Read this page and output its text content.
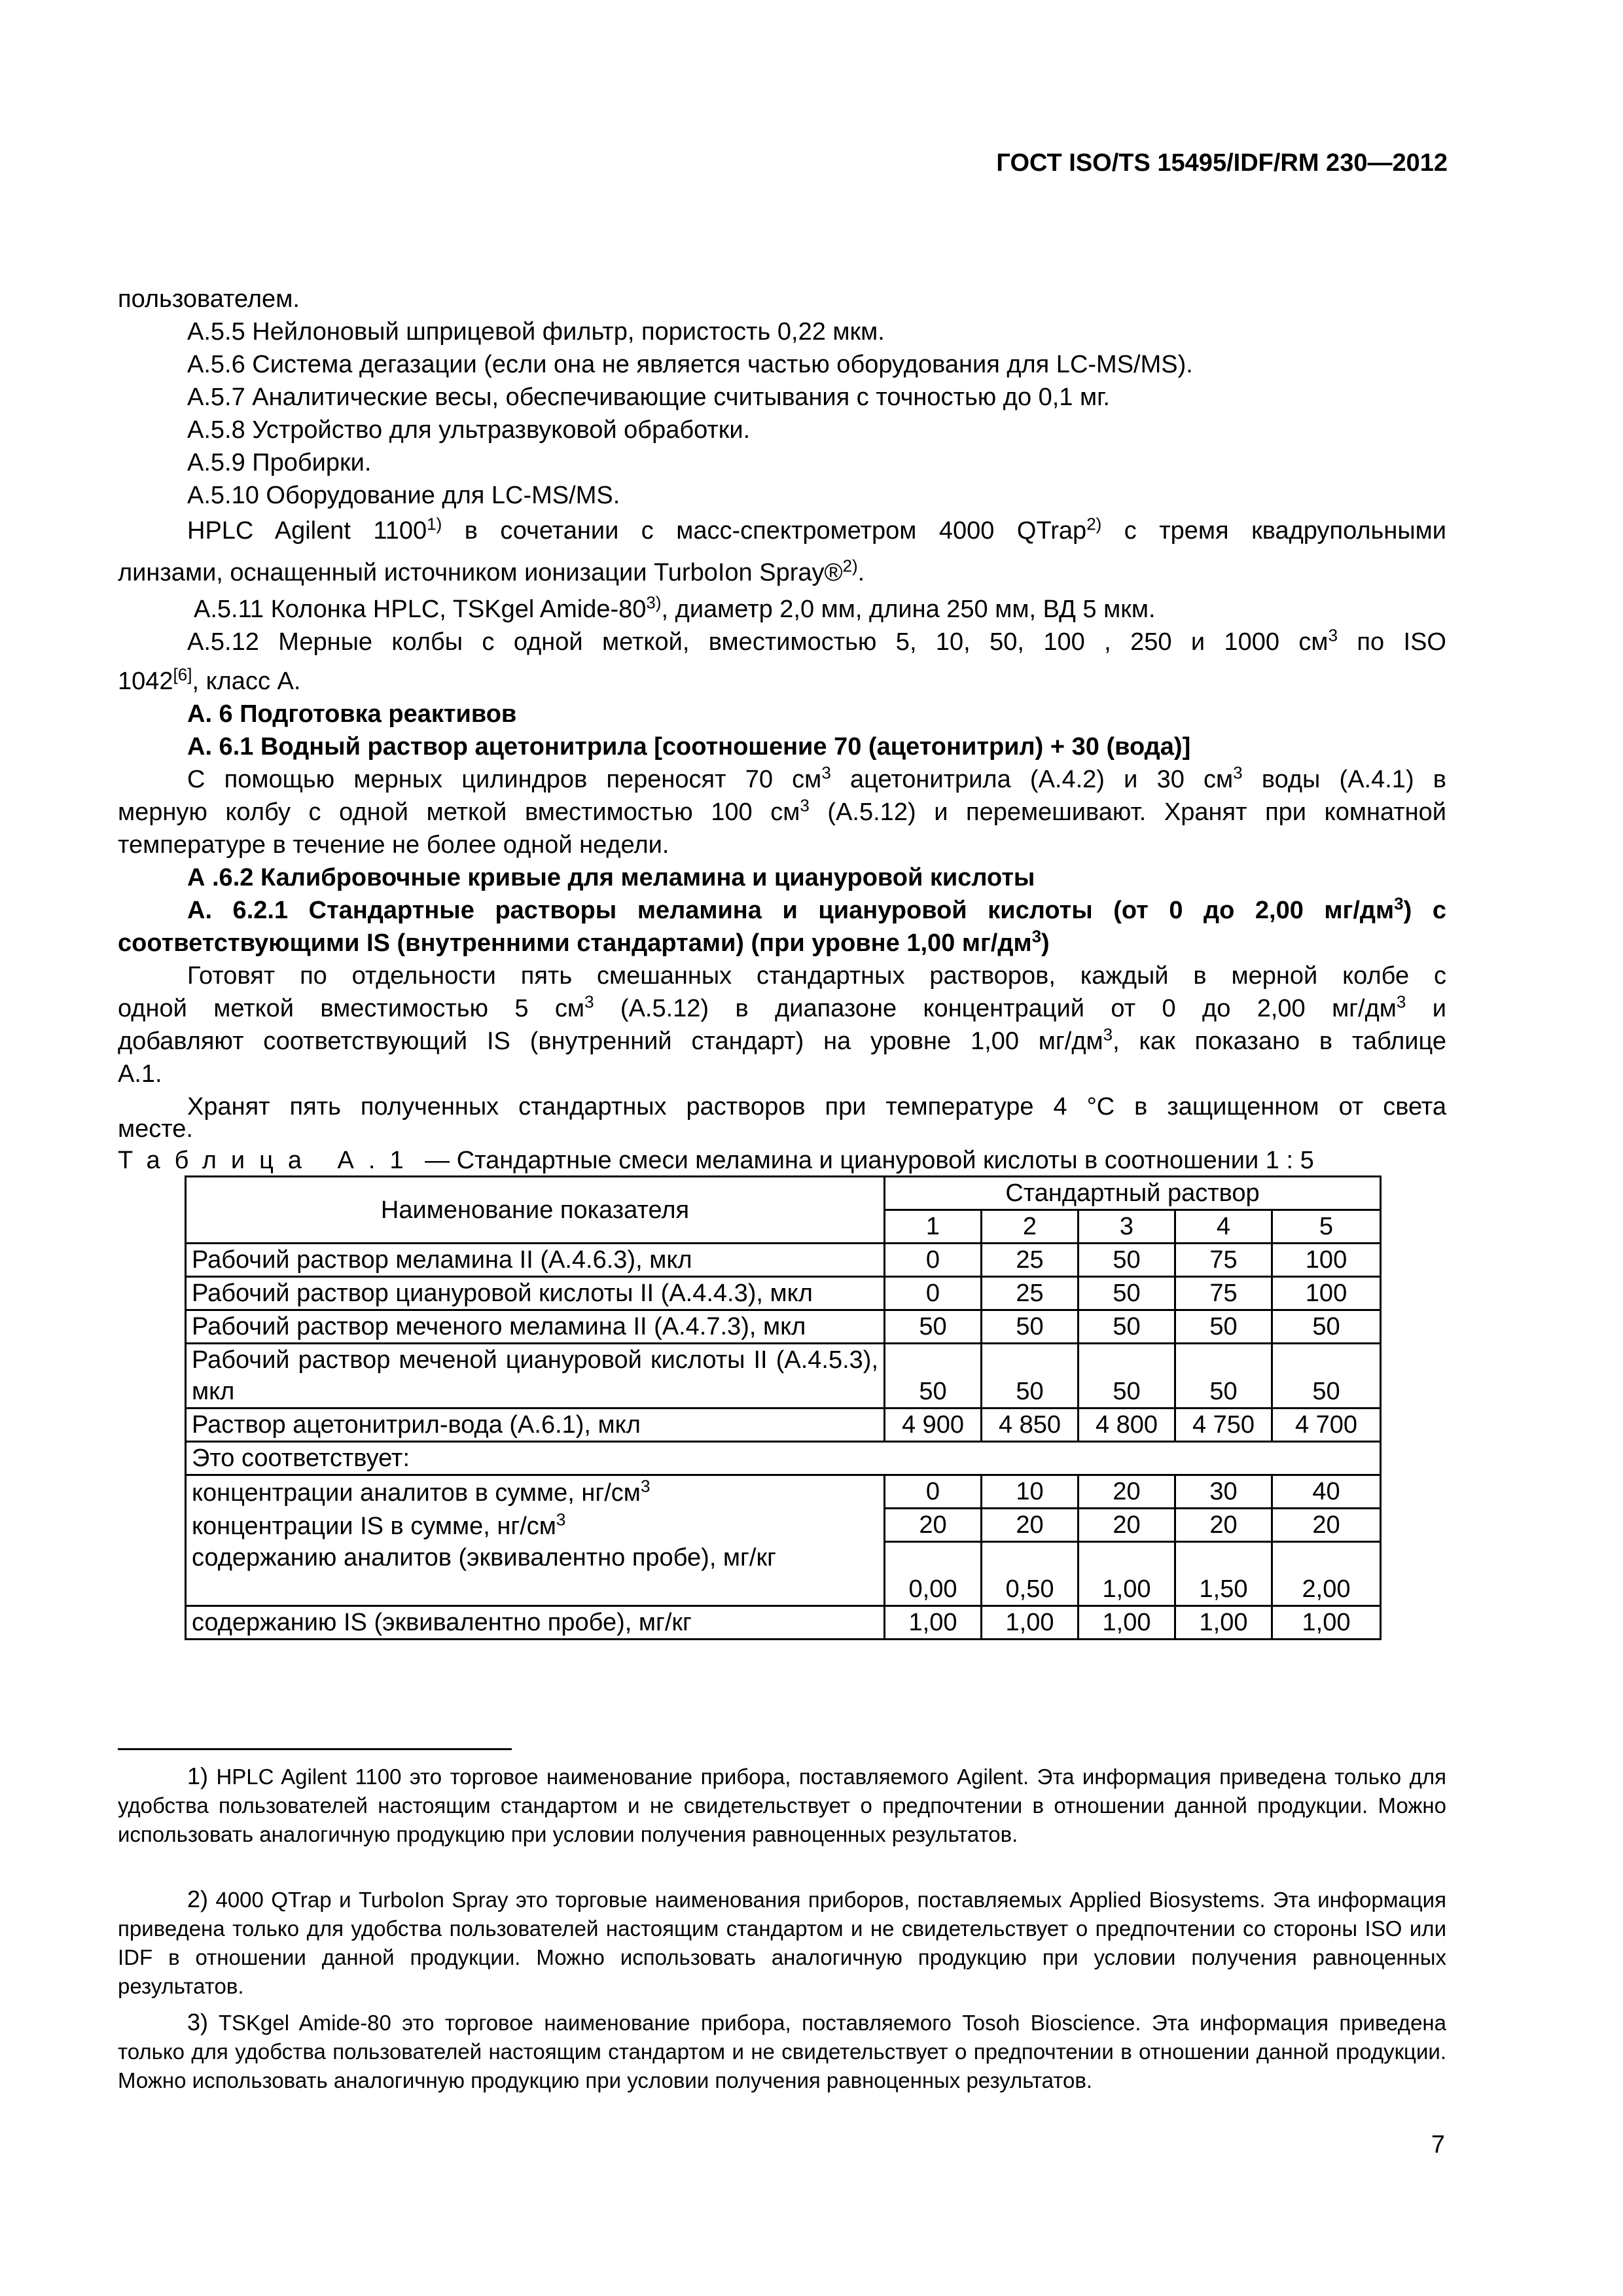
ГОСТ ISO/TS 15495/IDF/RM 230—2012
пользователем.
А.5.5 Нейлоновый шприцевой фильтр, пористость 0,22 мкм.
А.5.6 Система дегазации (если она не является частью оборудования для LC-MS/MS).
А.5.7 Аналитические весы, обеспечивающие считывания с точностью до 0,1 мг.
А.5.8 Устройство для ультразвуковой обработки.
А.5.9 Пробирки.
А.5.10 Оборудование для LC-MS/MS.
HPLC Agilent 1100$^{1)}$ в сочетании с масс-спектрометром 4000 QTrap$^{2)}$ с тремя квадрупольными
линзами, оснащенный источником ионизации TurboIon Spray®$^{2)}$.
А.5.11 Колонка HPLC, TSKgel Amide-80$^{3)}$, диаметр 2,0 мм, длина 250 мм, ВД 5 мкм.
А.5.12 Мерные колбы с одной меткой, вместимостью 5, 10, 50, 100 , 250 и 1000 $см^3$ по ISO
1042[6], класс А.
А. 6 Подготовка реактивов
А. 6.1 Водный раствор ацетонитрила [соотношение 70 (ацетонитрил) + 30 (вода)]
С помощью мерных цилиндров переносят 70 $см^3$ ацетонитрила (А.4.2) и 30 $см^3$ воды (А.4.1) в
мерную колбу с одной меткой вместимостью 100 $см^3$ (А.5.12) и перемешивают. Хранят при комнатной
температуре в течение не более одной недели.
А .6.2 Калибровочные кривые для меламина и циануровой кислоты
А. 6.2.1 Стандартные растворы меламина и циануровой кислоты (от 0 до 2,00 $мг/дм^3$) с
соответствующими IS (внутренними стандартами) (при уровне 1,00 $мг/дм^3$)
Готовят по отдельности пять смешанных стандартных растворов, каждый в мерной колбе с
одной меткой вместимостью 5 $см^3$ (А.5.12) в диапазоне концентраций от 0 до 2,00 $мг/дм^3$ и
добавляют соответствующий IS (внутренний стандарт) на уровне 1,00 $мг/дм^3$, как показано в таблице
А.1.
Хранят пять полученных стандартных растворов при температуре 4 °С в защищенном от света
месте.
Таблица А.1 — Стандартные смеси меламина и циануровой кислоты в соотношении 1 : 5
Наименование показателя	Стандартный раствор				
	1	2	3	4	5
Рабочий раствор меламина II (А.4.6.3), мкл	0	25	50	75	100
Рабочий раствор циануровой кислоты II (А.4.4.3), мкл	0	25	50	75	100
Рабочий раствор меченого меламина II (А.4.7.3), мкл	50	50	50	50	50
Рабочий раствор меченой циануровой кислоты II (А.4.5.3), мкл	50	50	50	50	50
Раствор ацетонитрил-вода (А.6.1), мкл	4 900	4 850	4 800	4 750	4 700
Это соответствует:					
концентрации аналитов в сумме, $нг/см^3$	0	10	20	30	40
концентрации IS в сумме, $нг/см^3$	20	20	20	20	20
содержанию аналитов (эквивалентно пробе), мг/кг	0,00	0,50	1,00	1,50	2,00
содержанию IS (эквивалентно пробе), мг/кг	1,00	1,00	1,00	1,00	1,00
1) HPLC Agilent 1100 это торговое наименование прибора, поставляемого Agilent. Эта информация приведена только для удобства пользователей настоящим стандартом и не свидетельствует о предпочтении в отношении данной продукции. Можно использовать аналогичную продукцию при условии получения равноценных результатов.
2) 4000 QTrap и TurboIon Spray это торговые наименования приборов, поставляемых Applied Biosystems. Эта информация приведена только для удобства пользователей настоящим стандартом и не свидетельствует о предпочтении со стороны ISO или IDF в отношении данной продукции. Можно использовать аналогичную продукцию при условии получения равноценных результатов.
3) TSKgel Amide-80 это торговое наименование прибора, поставляемого Tosoh Bioscience. Эта информация приведена только для удобства пользователей настоящим стандартом и не свидетельствует о предпочтении в отношении данной продукции. Можно использовать аналогичную продукцию при условии получения равноценных результатов.
7
